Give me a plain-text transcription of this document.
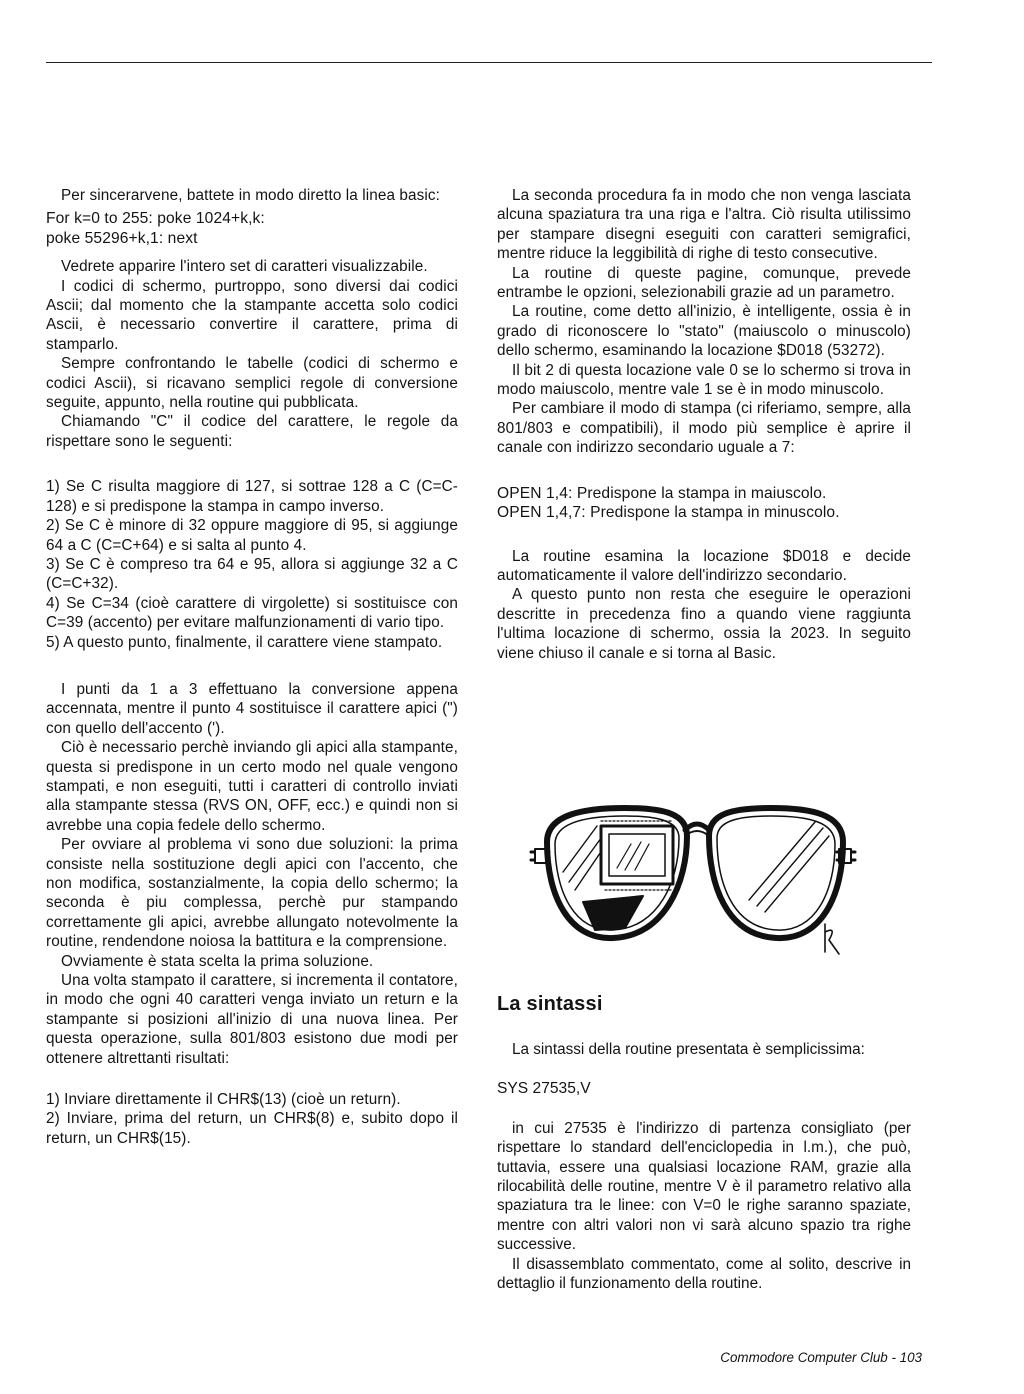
Per sincerarvene, battete in modo diretto la linea basic:

For k=0 to 255: poke 1024+k,k:

poke 55296+k,1: next

Vedrete apparire l'intero set di caratteri visualizzabile.

I codici di schermo, purtroppo, sono diversi dai codici Ascii; dal momento che la stampante accetta solo codici Ascii, è necessario convertire il carattere, prima di stamparlo.

Sempre confrontando le tabelle (codici di schermo e codici Ascii), si ricavano semplici regole di conversione seguite, appunto, nella routine qui pubblicata.

Chiamando "C" il codice del carattere, le regole da rispettare sono le seguenti:

1) Se C risulta maggiore di 127, si sottrae 128 a C (C=C-128) e si predispone la stampa in campo inverso.
2) Se C è minore di 32 oppure maggiore di 95, si aggiunge 64 a C (C=C+64) e si salta al punto 4.
3) Se C è compreso tra 64 e 95, allora si aggiunge 32 a C (C=C+32).
4) Se C=34 (cioè carattere di virgolette) si sostituisce con C=39 (accento) per evitare malfunzionamenti di vario tipo.
5) A questo punto, finalmente, il carattere viene stampato.

I punti da 1 a 3 effettuano la conversione appena accennata, mentre il punto 4 sostituisce il carattere apici (") con quello dell'accento (').

Ciò è necessario perchè inviando gli apici alla stampante, questa si predispone in un certo modo nel quale vengono stampati, e non eseguiti, tutti i caratteri di controllo inviati alla stampante stessa (RVS ON, OFF, ecc.) e quindi non si avrebbe una copia fedele dello schermo.

Per ovviare al problema vi sono due soluzioni: la prima consiste nella sostituzione degli apici con l'accento, che non modifica, sostanzialmente, la copia dello schermo; la seconda è piu complessa, perchè pur stampando correttamente gli apici, avrebbe allungato notevolmente la routine, rendendone noiosa la battitura e la comprensione.

Ovviamente è stata scelta la prima soluzione.

Una volta stampato il carattere, si incrementa il contatore, in modo che ogni 40 caratteri venga inviato un return e la stampante si posizioni all'inizio di una nuova linea. Per questa operazione, sulla 801/803 esistono due modi per ottenere altrettanti risultati:

1) Inviare direttamente il CHR$(13) (cioè un return).

2) Inviare, prima del return, un CHR$(8) e, subito dopo il return, un CHR$(15).

La seconda procedura fa in modo che non venga lasciata alcuna spaziatura tra una riga e l'altra. Ciò risulta utilissimo per stampare disegni eseguiti con caratteri semigrafici, mentre riduce la leggibilità di righe di testo consecutive.

La routine di queste pagine, comunque, prevede entrambe le opzioni, selezionabili grazie ad un parametro.

La routine, come detto all'inizio, è intelligente, ossia è in grado di riconoscere lo "stato" (maiuscolo o minuscolo) dello schermo, esaminando la locazione $D018 (53272).

Il bit 2 di questa locazione vale 0 se lo schermo si trova in modo maiuscolo, mentre vale 1 se è in modo minuscolo.

Per cambiare il modo di stampa (ci riferiamo, sempre, alla 801/803 e compatibili), il modo più semplice è aprire il canale con indirizzo secondario uguale a 7:

OPEN 1,4: Predispone la stampa in maiuscolo.

OPEN 1,4,7: Predispone la stampa in minuscolo.

La routine esamina la locazione $D018 e decide automaticamente il valore dell'indirizzo secondario.

A questo punto non resta che eseguire le operazioni descritte in precedenza fino a quando viene raggiunta l'ultima locazione di schermo, ossia la 2023. In seguito viene chiuso il canale e si torna al Basic.

La sintassi

La sintassi della routine presentata è semplicissima:

SYS 27535,V

in cui 27535 è l'indirizzo di partenza consigliato (per rispettare lo standard dell'enciclopedia in l.m.), che può, tuttavia, essere una qualsiasi locazione RAM, grazie alla rilocabilità delle routine, mentre V è il parametro relativo alla spaziatura tra le linee: con V=0 le righe saranno spaziate, mentre con altri valori non vi sarà alcuno spazio tra righe successive.

Il disassemblato commentato, come al solito, descrive in dettaglio il funzionamento della routine.

Commodore Computer Club - 103
